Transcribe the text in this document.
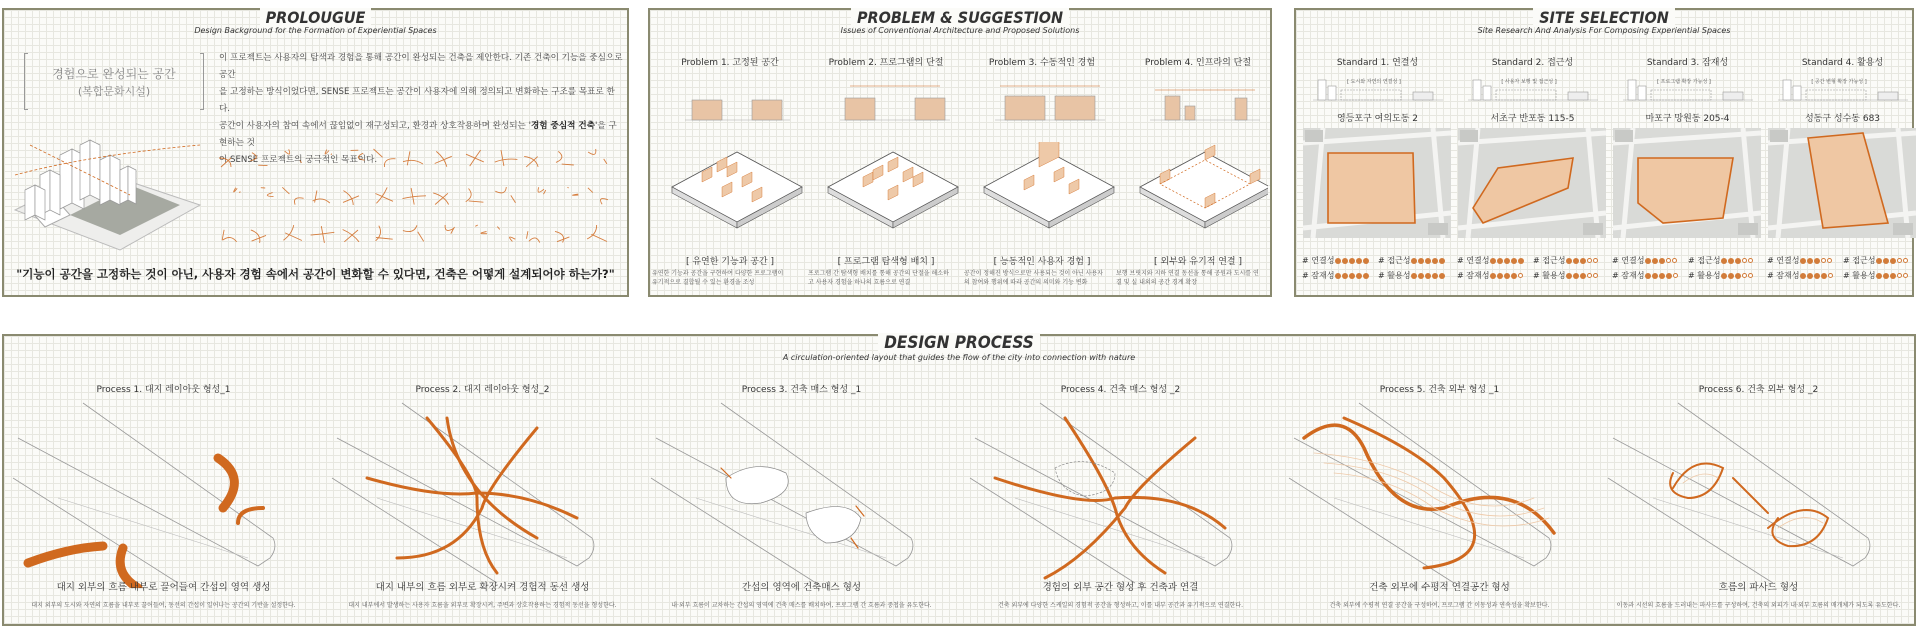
PROLOUGUE
Design Background for the Formation of Experiential Spaces
경험으로 완성되는 공간
(복합문화시설)
이 프로젝트는 사용자의 탐색과 경험을 통해 공간이 완성되는 건축을 제안한다. 기존 건축이 기능을 중심으로 공간
을 고정하는 방식이었다면, SENSE 프로젝트는 공간이 사용자에 의해 정의되고 변화하는 구조를 목표로 한다.
공간이 사용자의 참여 속에서 끊임없이 재구성되고, 환경과 상호작용하며 완성되는 '경험 중심적 건축'을 구현하는 것
이 SENSE 프로젝트의 궁극적인 목표이다.
"기능이 공간을 고정하는 것이 아닌, 사용자 경험 속에서 공간이 변화할 수 있다면, 건축은 어떻게 설계되어야 하는가?"
PROBLEM & SUGGESTION
Issues of Conventional Architecture and Proposed Solutions
Problem 1. 고정된 공간	Problem 2. 프로그램의 단절	Problem 3. 수동적인 경험	Problem 4. 인프라의 단절
[ 유연한 기능과 공간 ]	[ 프로그램 탐색형 배치 ]	[ 능동적인 사용자 경험 ]	[ 외부와 유기적 연결 ]
유연한 기능과 공간을 구현하여 다양한 프로그램이
유기적으로 결합될 수 있는 환경을 조성
프로그램 간 탐색형 배치를 통해 공간의 단절을 해소하
고 사용자 경험을 하나의 흐름으로 연결
공간이 정해진 방식으로만 사용되는 것이 아닌 사용자
의 참여와 행위에 따라 공간의 의미와 기능 변화
보행 브릿지와 지하 연결 동선을 통해 공원과 도시를 연
결 및 실 내외의 공간 경계 확장
SITE SELECTION
Site Research And Analysis For Composing Experiential Spaces
Standard 1. 연결성
[ 도시와 자연의 연결성 ]
영등포구 여의도동 2
# 연결성	# 접근성
# 잠재성	# 활용성
Standard 2. 접근성
[ 사용자 보행 및 접근성 ]
서초구 반포동 115-5
# 연결성	# 접근성
# 잠재성	# 활용성
Standard 3. 잠재성
[ 프로그램 확장 가능성 ]
마포구 망원동 205-4
# 연결성	# 접근성
# 잠재성	# 활용성
Standard 4. 활용성
[ 공간 변형 확장 가능성 ]
성동구 성수동 683
# 연결성	# 접근성
# 잠재성	# 활용성
DESIGN PROCESS
A circulation-oriented layout that guides the flow of the city into connection with nature
Process 1. 대지 레이아웃 형성_1
대지 외부의 흐름 내부로 끌어들여 간섭의 영역 생성
대지 외부의 도시와 자연의 흐름을 내부로 끌어들여, 동선의 간섭이 일어나는 공간의 기반을 설정한다.
Process 2. 대지 레이아웃 형성_2
대지 내부의 흐름 외부로 확장시켜 경험적 동선 생성
대지 내부에서 발생하는 사용자 흐름을 외부로 확장시켜, 주변과 상호작용하는 경험적 동선을 형성한다.
Process 3. 건축 매스 형성 _1
간섭의 영역에 건축매스 형성
내·외부 흐름이 교차하는 간섭의 영역에 건축 매스를 배치하여, 프로그램 간 흐름과 중첩을 유도한다.
Process 4. 건축 매스 형성 _2
경험의 외부 공간 형성 후 건축과 연결
건축 외부에 다양한 스케일의 경험적 공간을 형성하고, 이를 내부 공간과 유기적으로 연결한다.
Process 5. 건축 외부 형성 _1
건축 외부에 수평적 연결공간 형성
건축 외부에 수평적 연결 공간을 구성하여, 프로그램 간 이동성과 연속성을 확보한다.
Process 6. 건축 외부 형성 _2
흐름의 파사드 형성
이동과 시선의 흐름을 드러내는 파사드를 구성하여, 건축의 외피가 내·외부 흐름의 매개체가 되도록 유도한다.
